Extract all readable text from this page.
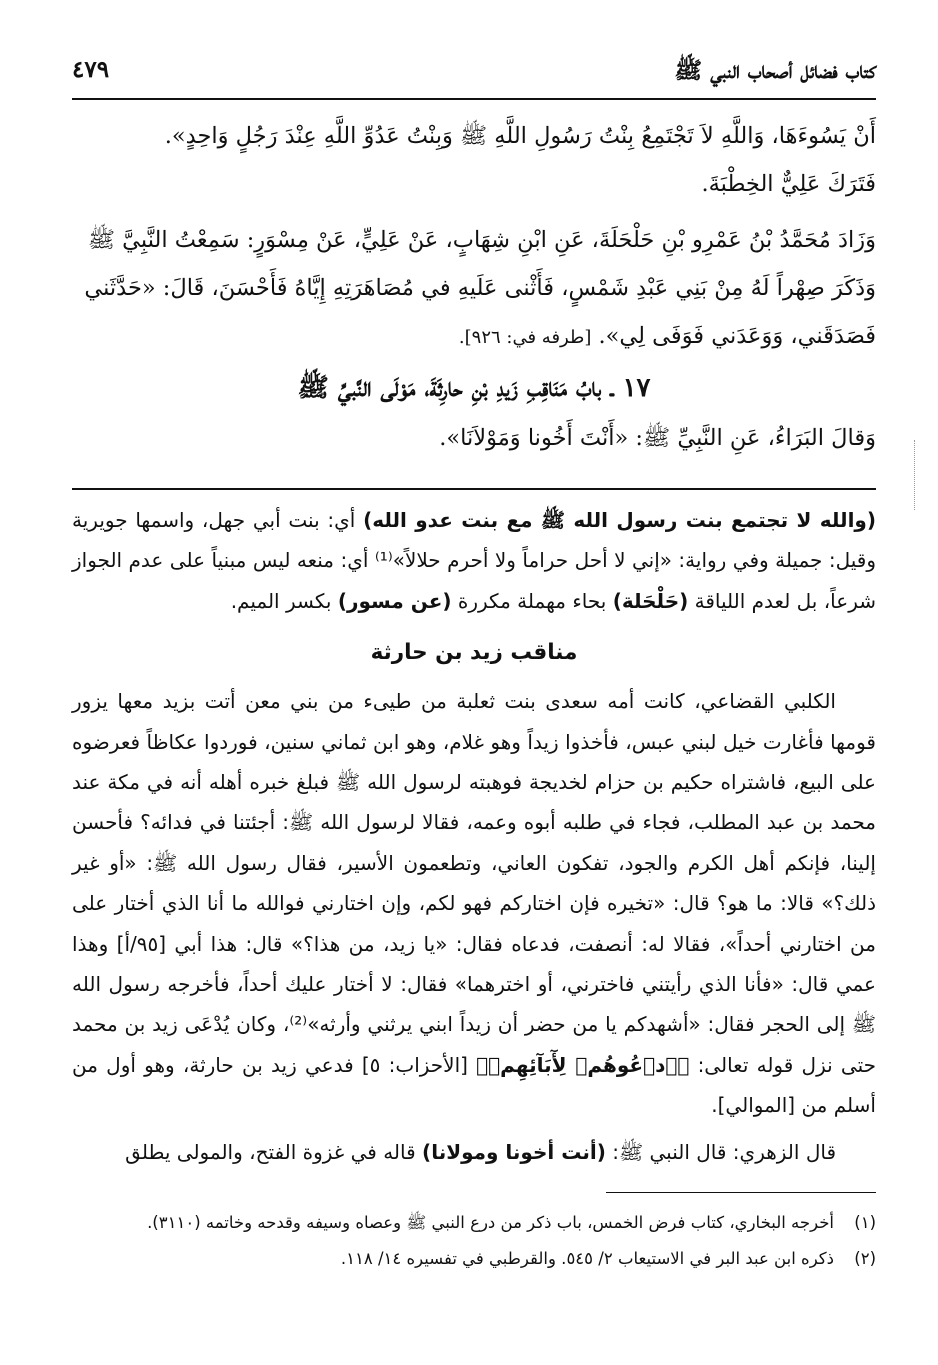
كتاب فضائل أصحاب النبي ﷺ
٤٧٩

أَنْ يَسُوءَهَا، وَاللَّهِ لاَ تَجْتَمِعُ بِنْتُ رَسُولِ اللَّهِ ﷺ وَبِنْتُ عَدُوِّ اللَّهِ عِنْدَ رَجُلٍ وَاحِدٍ».

فَتَرَكَ عَلِيٌّ الخِطْبَةَ.

وَزَادَ مُحَمَّدُ بْنُ عَمْرِو بْنِ حَلْحَلَةَ، عَنِ ابْنِ شِهَابٍ، عَنْ عَلِيٍّ، عَنْ مِسْوَرٍ: سَمِعْتُ النَّبِيَّ ﷺ وَذَكَرَ صِهْراً لَهُ مِنْ بَنِي عَبْدِ شَمْسٍ، فَأَثْنى عَلَيهِ في مُصَاهَرَتِهِ إِيَّاهُ فَأَحْسَنَ، قَالَ: «حَدَّثَني فَصَدَقَني، وَوَعَدَني فَوَفَى لِي». [طرفه في: ٩٢٦].

١٧ ـ بابُ مَنَاقِبِ زَيدِ بْنِ حارِثَةَ، مَوْلَى النَّبيِّ ﷺ

وَقالَ البَرَاءُ، عَنِ النَّبِيِّ ﷺ: «أَنْتَ أَخُونا وَمَوْلاَنَا».

(والله لا تجتمع بنت رسول الله ﷺ مع بنت عدو الله) أي: بنت أبي جهل، واسمها جويرية وقيل: جميلة وفي رواية: «إني لا أحل حراماً ولا أحرم حلالاً»⁽¹⁾ أي: منعه ليس مبنياً على عدم الجواز شرعاً، بل لعدم اللياقة (حَلْحَلة) بحاء مهملة مكررة (عن مسور) بكسر الميم.

مناقب زيد بن حارثة

الكلبي القضاعي، كانت أمه سعدى بنت ثعلبة من طيىء من بني معن أتت بزيد معها يزور قومها فأغارت خيل لبني عبس، فأخذوا زيداً وهو غلام، وهو ابن ثماني سنين، فوردوا عكاظاً فعرضوه على البيع، فاشتراه حكيم بن حزام لخديجة فوهبته لرسول الله ﷺ فبلغ خبره أهله أنه في مكة عند محمد بن عبد المطلب، فجاء في طلبه أبوه وعمه، فقالا لرسول الله ﷺ: أجئتنا في فدائه؟ فأحسن إلينا، فإنكم أهل الكرم والجود، تفكون العاني، وتطعمون الأسير، فقال رسول الله ﷺ: «أو غير ذلك؟» قالا: ما هو؟ قال: «تخيره فإن اختاركم فهو لكم، وإن اختارني فوالله ما أنا الذي أختار على من اختارني أحداً»، فقالا له: أنصفت، فدعاه فقال: «يا زيد، من هذا؟» قال: هذا أبي [٩٥/أ] وهذا عمي قال: «فأنا الذي رأيتني فاخترني، أو اخترهما» فقال: لا أختار عليك أحداً، فأخرجه رسول الله ﷺ إلى الحجر فقال: «أشهدكم يا من حضر أن زيداً ابني يرثني وأرثه»⁽²⁾، وكان يُدْعَى زيد بن محمد حتى نزل قوله تعالى: ﴿ٱدۡعُوهُمۡ لِأٓبَآئِهِمۡ﴾ [الأحزاب: ٥] فدعي زيد بن حارثة، وهو أول من أسلم من [الموالي].

قال الزهري: قال النبي ﷺ: (أنت أخونا ومولانا) قاله في غزوة الفتح، والمولى يطلق

(١)أخرجه البخاري، كتاب فرض الخمس، باب ذكر من درع النبي ﷺ وعصاه وسيفه وقدحه وخاتمه (٣١١٠).

(٢)ذكره ابن عبد البر في الاستيعاب ٢/ ٥٤٥. والقرطبي في تفسيره ١٤/ ١١٨.
